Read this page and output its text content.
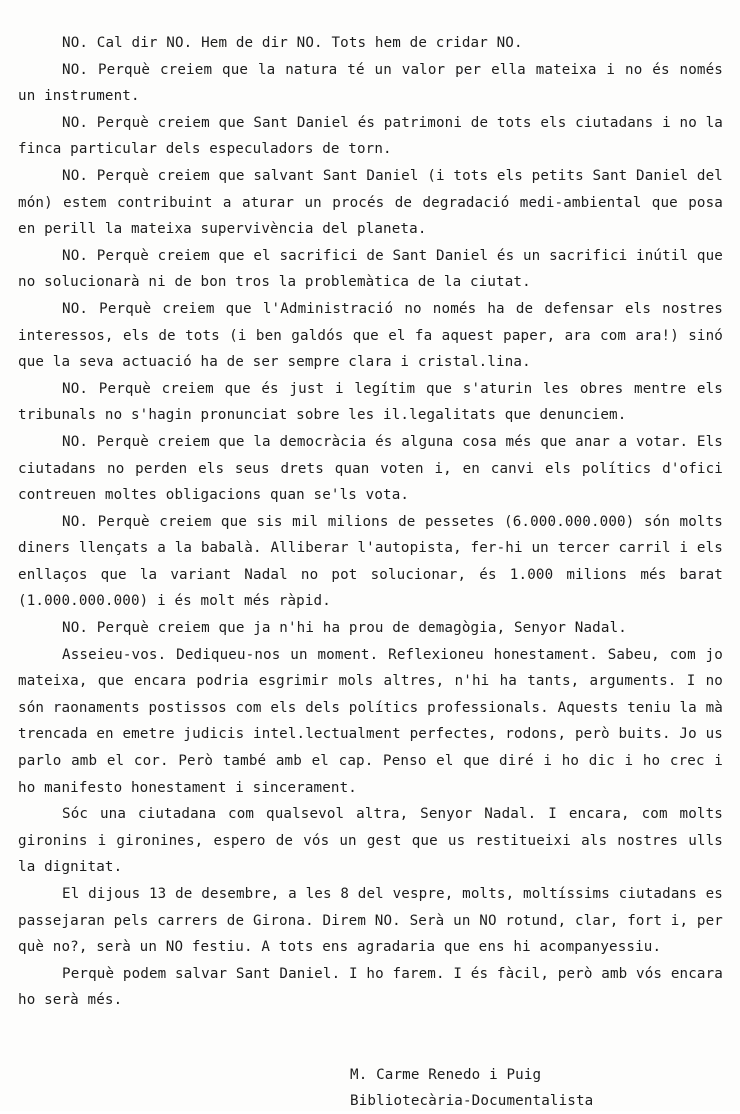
NO. Cal dir NO. Hem de dir NO. Tots hem de cridar NO.

NO. Perquè creiem que la natura té un valor per ella mateixa i no és només un instrument.

NO. Perquè creiem que Sant Daniel és patrimoni de tots els ciutadans i no la finca particular dels especuladors de torn.

NO. Perquè creiem que salvant Sant Daniel (i tots els petits Sant Daniel del món) estem contribuint a aturar un procés de degradació medi-ambiental que posa en perill la mateixa supervivència del planeta.

NO. Perquè creiem que el sacrifici de Sant Daniel és un sacrifici inútil que no solucionarà ni de bon tros la problemàtica de la ciutat.

NO. Perquè creiem que l'Administració no només ha de defensar els nostres interessos, els de tots (i ben galdós que el fa aquest paper, ara com ara!) sinó que la seva actuació ha de ser sempre clara i cristal.lina.

NO. Perquè creiem que és just i legítim que s'aturin les obres mentre els tribunals no s'hagin pronunciat sobre les il.legalitats que denunciem.

NO. Perquè creiem que la democràcia és alguna cosa més que anar a votar. Els ciutadans no perden els seus drets quan voten i, en canvi els polítics d'ofici contreuen moltes obligacions quan se'ls vota.

NO. Perquè creiem que sis mil milions de pessetes (6.000.000.000) són molts diners llençats a la babalà. Alliberar l'autopista, fer-hi un tercer carril i els enllaços que la variant Nadal no pot solucionar, és 1.000 milions més barat (1.000.000.000) i és molt més ràpid.

NO. Perquè creiem que ja n'hi ha prou de demagògia, Senyor Nadal.

Asseieu-vos. Dediqueu-nos un moment. Reflexioneu honestament. Sabeu, com jo mateixa, que encara podria esgrimir mols altres, n'hi ha tants, arguments. I no són raonaments postissos com els dels polítics professionals. Aquests teniu la mà trencada en emetre judicis intel.lectualment perfectes, rodons, però buits. Jo us parlo amb el cor. Però també amb el cap. Penso el que diré i ho dic i ho crec i ho manifesto honestament i sincerament.

Sóc una ciutadana com qualsevol altra, Senyor Nadal. I encara, com molts gironins i gironines, espero de vós un gest que us restitueixi als nostres ulls la dignitat.

El dijous 13 de desembre, a les 8 del vespre, molts, moltíssims ciutadans es passejaran pels carrers de Girona. Direm NO. Serà un NO rotund, clar, fort i, per què no?, serà un NO festiu. A tots ens agradaria que ens hi acompanyessiu.

Perquè podem salvar Sant Daniel. I ho farem. I és fàcil, però amb vós encara ho serà més.

M. Carme Renedo i Puig
Bibliotecària-Documentalista
